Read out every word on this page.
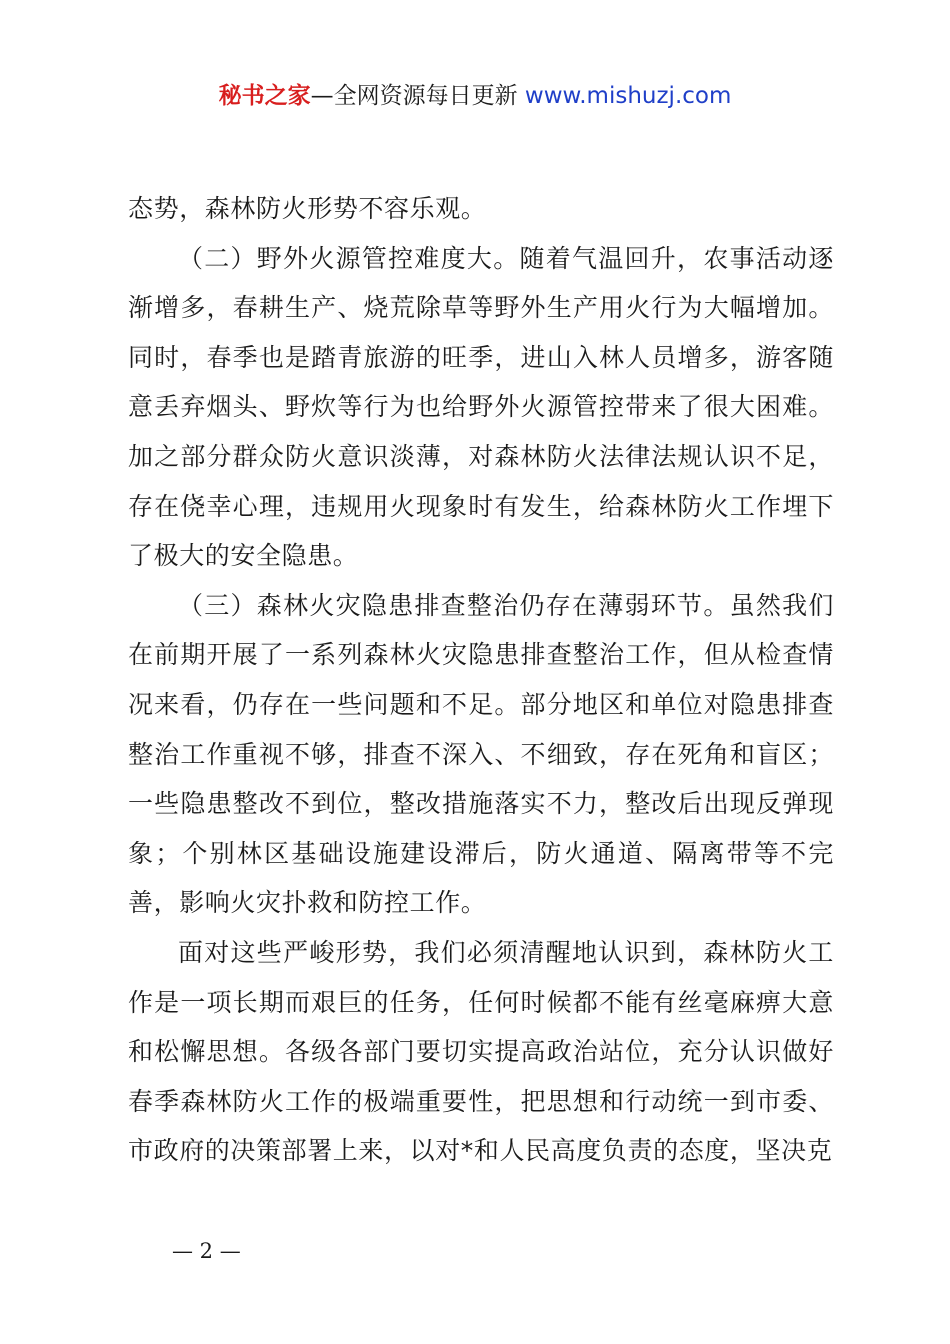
秘书之家—全网资源每日更新 www.mishuzj.com

态势，森林防火形势不容乐观。

（二）野外火源管控难度大。随着气温回升，农事活动逐渐增多，春耕生产、烧荒除草等野外生产用火行为大幅增加。同时，春季也是踏青旅游的旺季，进山入林人员增多，游客随意丢弃烟头、野炊等行为也给野外火源管控带来了很大困难。加之部分群众防火意识淡薄，对森林防火法律法规认识不足，存在侥幸心理，违规用火现象时有发生，给森林防火工作埋下了极大的安全隐患。

（三）森林火灾隐患排查整治仍存在薄弱环节。虽然我们在前期开展了一系列森林火灾隐患排查整治工作，但从检查情况来看，仍存在一些问题和不足。部分地区和单位对隐患排查整治工作重视不够，排查不深入、不细致，存在死角和盲区；一些隐患整改不到位，整改措施落实不力，整改后出现反弹现象；个别林区基础设施建设滞后，防火通道、隔离带等不完善，影响火灾扑救和防控工作。

面对这些严峻形势，我们必须清醒地认识到，森林防火工作是一项长期而艰巨的任务，任何时候都不能有丝毫麻痹大意和松懈思想。各级各部门要切实提高政治站位，充分认识做好春季森林防火工作的极端重要性，把思想和行动统一到市委、市政府的决策部署上来，以对*和人民高度负责的态度，坚决克

— 2 —
